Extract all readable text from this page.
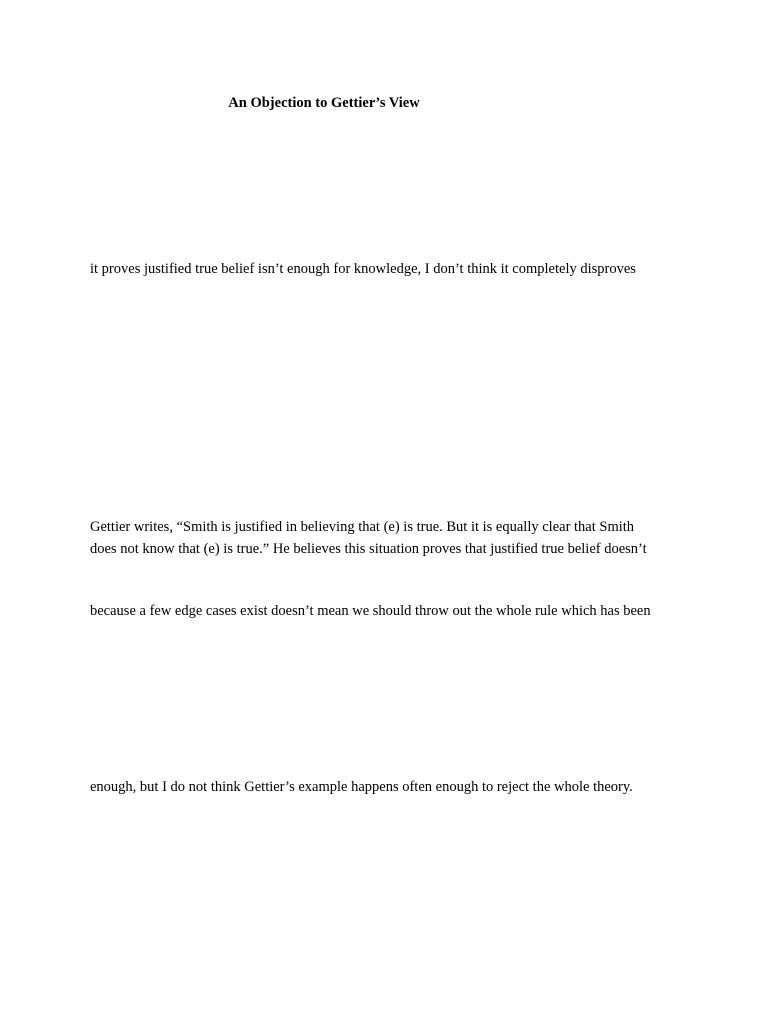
An Objection to Gettier’s View
it proves justified true belief isn’t enough for knowledge, I don’t think it completely disproves
Gettier writes, “Smith is justified in believing that (e) is true. But it is equally clear that Smith
does not know that (e) is true.” He believes this situation proves that justified true belief doesn’t
because a few edge cases exist doesn’t mean we should throw out the whole rule which has been
enough, but I do not think Gettier’s example happens often enough to reject the whole theory.
